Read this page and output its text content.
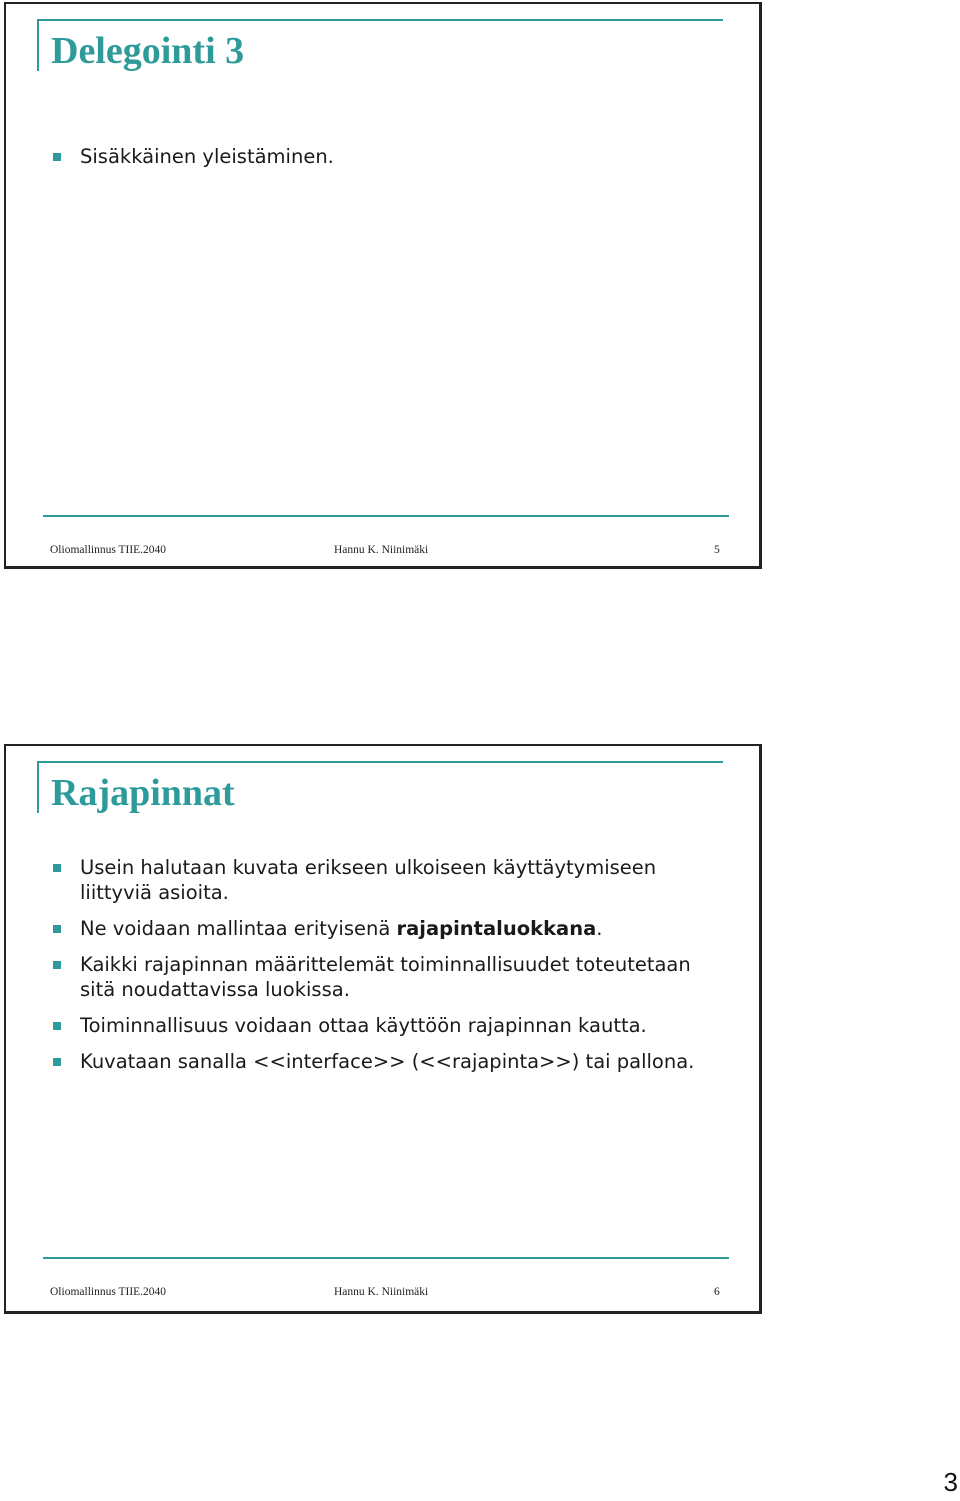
Delegointi 3
Sisäkkäinen yleistäminen.
Oliomallinnus TIIE.2040	Hannu K. Niinimäki	5
Rajapinnat
Usein halutaan kuvata erikseen ulkoiseen käyttäytymiseen liittyviä asioita.
Ne voidaan mallintaa erityisenä rajapintaluokkana.
Kaikki rajapinnan määrittelemät toiminnallisuudet toteutetaan sitä noudattavissa luokissa.
Toiminnallisuus voidaan ottaa käyttöön rajapinnan kautta.
Kuvataan sanalla <<interface>> (<<rajapinta>>) tai pallona.
Oliomallinnus TIIE.2040	Hannu K. Niinimäki	6
3
